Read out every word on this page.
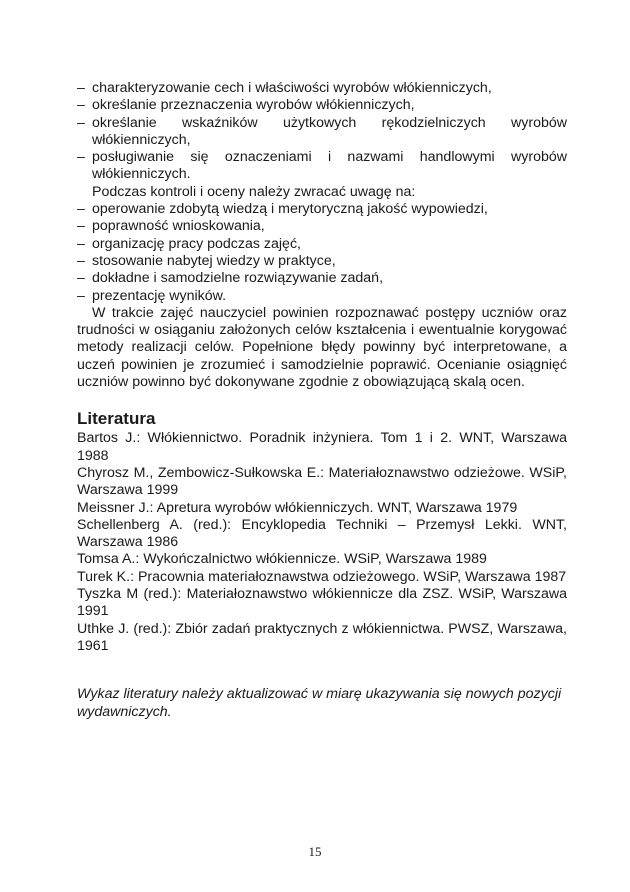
– charakteryzowanie cech i właściwości wyrobów włókienniczych,
– określanie przeznaczenia wyrobów włókienniczych,
– określanie wskaźników użytkowych rękodzielniczych wyrobów włókienniczych,
– posługiwanie się oznaczeniami i nazwami handlowymi wyrobów włókienniczych.

Podczas kontroli i oceny należy zwracać uwagę na:

– operowanie zdobytą wiedzą i merytoryczną jakość wypowiedzi,
– poprawność wnioskowania,
– organizację pracy podczas zajęć,
– stosowanie nabytej wiedzy w praktyce,
– dokładne i samodzielne rozwiązywanie zadań,
– prezentację wyników.

W trakcie zajęć nauczyciel powinien rozpoznawać postępy uczniów oraz trudności w osiąganiu założonych celów kształcenia i ewentualnie korygować metody realizacji celów. Popełnione błędy powinny być interpretowane, a uczeń powinien je zrozumieć i samodzielnie poprawić. Ocenianie osiągnięć uczniów powinno być dokonywane zgodnie z obowiązującą skalą ocen.

Literatura
Bartos J.: Włókiennictwo. Poradnik inżyniera. Tom 1 i 2. WNT, Warszawa 1988
Chyrosz M., Zembowicz-Sułkowska E.: Materiałoznawstwo odzieżowe. WSiP, Warszawa 1999
Meissner J.: Apretura wyrobów włókienniczych. WNT, Warszawa 1979
Schellenberg A. (red.): Encyklopedia Techniki – Przemysł Lekki. WNT, Warszawa 1986
Tomsa A.: Wykończalnictwo włókiennicze. WSiP, Warszawa 1989
Turek K.: Pracownia materiałoznawstwa odzieżowego. WSiP, Warszawa 1987
Tyszka M (red.): Materiałoznawstwo włókiennicze dla ZSZ. WSiP, Warszawa 1991
Uthke J. (red.): Zbiór zadań praktycznych z włókiennictwa. PWSZ, Warszawa, 1961

Wykaz literatury należy aktualizować w miarę ukazywania się nowych pozycji wydawniczych.

15
